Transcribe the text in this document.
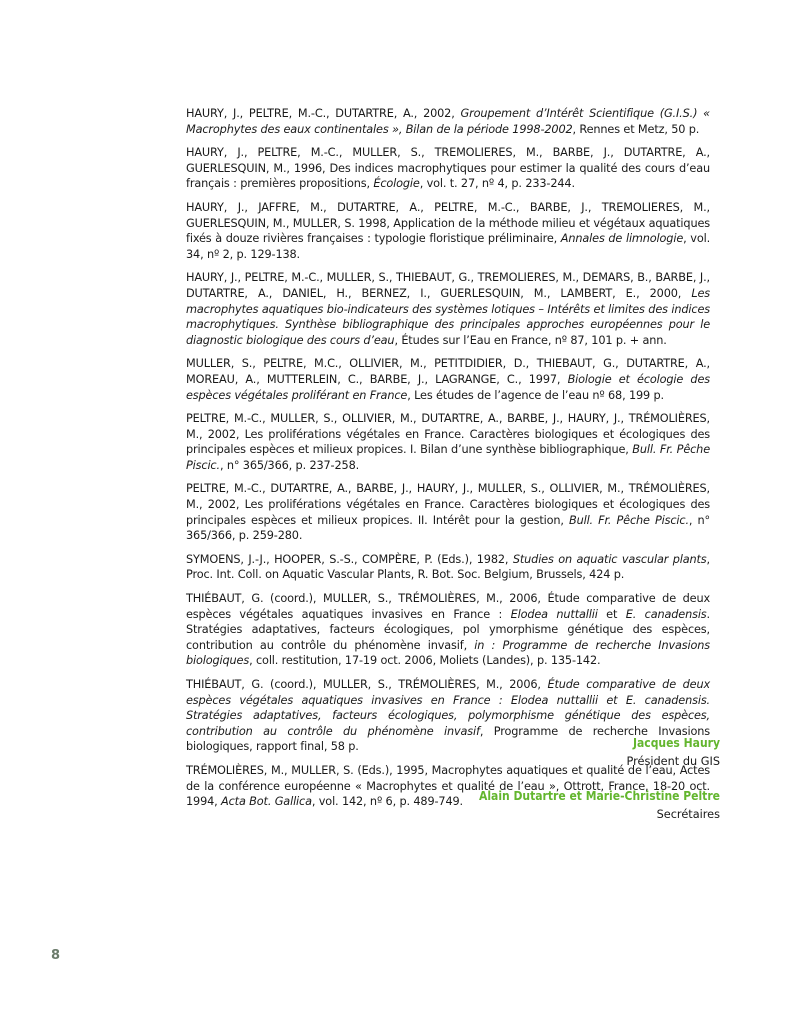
HAURY, J., PELTRE, M.-C., DUTARTRE, A., 2002, Groupement d’Intérêt Scientifique (G.I.S.) « Macrophytes des eaux continentales », Bilan de la période 1998-2002, Rennes et Metz, 50 p.

HAURY, J., PELTRE, M.-C., MULLER, S., TREMOLIERES, M., BARBE, J., DUTARTRE, A., GUERLESQUIN, M., 1996, Des indices macrophytiques pour estimer la qualité des cours d’eau français : premières propositions, Écologie, vol. t. 27, nº 4, p. 233-244.

HAURY, J., JAFFRE, M., DUTARTRE, A., PELTRE, M.-C., BARBE, J., TREMOLIERES, M., GUERLESQUIN, M., MULLER, S. 1998, Application de la méthode milieu et végétaux aquatiques fixés à douze rivières françaises : typologie floristique préliminaire, Annales de limnologie, vol. 34, nº 2, p. 129-138.

HAURY, J., PELTRE, M.-C., MULLER, S., THIEBAUT, G., TREMOLIERES, M., DEMARS, B., BARBE, J., DUTARTRE, A., DANIEL, H., BERNEZ, I., GUERLESQUIN, M., LAMBERT, E., 2000, Les macrophytes aquatiques bio-indicateurs des systèmes lotiques – Intérêts et limites des indices macrophytiques. Synthèse bibliographique des principales approches européennes pour le diagnostic biologique des cours d’eau, Études sur l’Eau en France, nº 87, 101 p. + ann.

MULLER, S., PELTRE, M.C., OLLIVIER, M., PETITDIDIER, D., THIEBAUT, G., DUTARTRE, A., MOREAU, A., MUTTERLEIN, C., BARBE, J., LAGRANGE, C., 1997, Biologie et écologie des espèces végétales proliférant en France, Les études de l’agence de l’eau nº 68, 199 p.

PELTRE, M.-C., MULLER, S., OLLIVIER, M., DUTARTRE, A., BARBE, J., HAURY, J., TRÉMOLIÈRES, M., 2002, Les proliférations végétales en France. Caractères biologiques et écologiques des principales espèces et milieux propices. I. Bilan d’une synthèse bibliographique, Bull. Fr. Pêche Piscic., n° 365/366, p. 237-258.

PELTRE, M.-C., DUTARTRE, A., BARBE, J., HAURY, J., MULLER, S., OLLIVIER, M., TRÉMOLIÈRES, M., 2002, Les proliférations végétales en France. Caractères biologiques et écologiques des principales espèces et milieux propices. II. Intérêt pour la gestion, Bull. Fr. Pêche Piscic., n° 365/366, p. 259-280.

SYMOENS, J.-J., HOOPER, S.-S., COMPÈRE, P. (Eds.), 1982, Studies on aquatic vascular plants, Proc. Int. Coll. on Aquatic Vascular Plants, R. Bot. Soc. Belgium, Brussels, 424 p.

THIÉBAUT, G. (coord.), MULLER, S., TRÉMOLIÈRES, M., 2006, Étude comparative de deux espèces végétales aquatiques invasives en France : Elodea nuttallii et E. canadensis. Stratégies adaptatives, facteurs écologiques, pol ymorphisme génétique des espèces, contribution au contrôle du phénomène invasif, in : Programme de recherche Invasions biologiques, coll. restitution, 17-19 oct. 2006, Moliets (Landes), p. 135-142.

THIÉBAUT, G. (coord.), MULLER, S., TRÉMOLIÈRES, M., 2006, Étude comparative de deux espèces végétales aquatiques invasives en France : Elodea nuttallii et E. canadensis. Stratégies adaptatives, facteurs écologiques, polymorphisme génétique des espèces, contribution au contrôle du phénomène invasif, Programme de recherche Invasions biologiques, rapport final, 58 p.

TRÉMOLIÈRES, M., MULLER, S. (Eds.), 1995, Macrophytes aquatiques et qualité de l’eau, Actes de la conférence européenne « Macrophytes et qualité de l’eau », Ottrott, France, 18-20 oct. 1994, Acta Bot. Gallica, vol. 142, nº 6, p. 489-749.

Jacques Haury
Président du GIS
Alain Dutartre et Marie-Christine Peltre
Secrétaires
8
